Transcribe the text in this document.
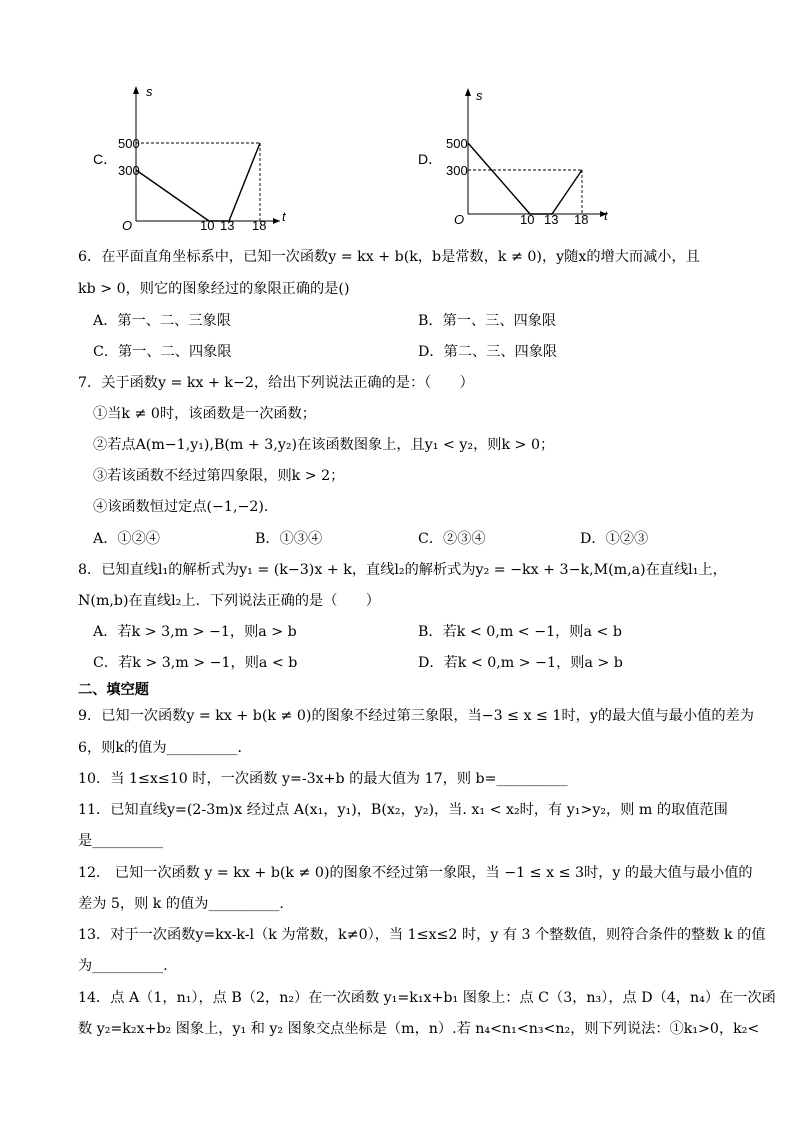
C．
s
t
O
500
300
10 13 18
D．
s
t
O
500
300
10 13 18
6．在平面直角坐标系中，已知一次函数y = kx + b(k，b是常数，k ≠ 0)，y随x的增大而减小，且
kb > 0，则它的图象经过的象限正确的是()
A．第一、二、三象限	B．第一、三、四象限
C．第一、二、四象限	D．第二、三、四象限
7．关于函数y = kx + k−2，给出下列说法正确的是：（　　）
①当k ≠ 0时，该函数是一次函数；
②若点A(m−1,y₁),B(m + 3,y₂)在该函数图象上，且y₁ < y₂，则k > 0；
③若该函数不经过第四象限，则k > 2；
④该函数恒过定点(−1,−2)．
A．①②④	B．①③④	C．②③④	D．①②③
8．已知直线l₁的解析式为y₁ = (k−3)x + k，直线l₂的解析式为y₂ = −kx + 3−k,M(m,a)在直线l₁上，
N(m,b)在直线l₂上．下列说法正确的是（　　）
A．若k > 3,m > −1，则a > b	B．若k < 0,m < −1，则a < b
C．若k > 3,m > −1，则a < b	D．若k < 0,m > −1，则a > b
二、填空题
9．已知一次函数y = kx + b(k ≠ 0)的图象不经过第三象限，当−3 ≤ x ≤ 1时，y的最大值与最小值的差为
6，则k的值为__________．
10．当 1≤x≤10 时，一次函数 y=-3x+b 的最大值为 17，则 b=__________
11．已知直线y=(2-3m)x 经过点 A(x₁，y₁)，B(x₂，y₂)，当. x₁ < x₂时，有 y₁>y₂，则 m 的取值范围
是__________
12． 已知一次函数 y = kx + b(k ≠ 0)的图象不经过第一象限，当 −1 ≤ x ≤ 3时，y 的最大值与最小值的
差为 5，则 k 的值为__________.
13．对于一次函数y=kx-k-l（k 为常数，k≠0），当 1≤x≤2 时，y 有 3 个整数值，则符合条件的整数 k 的值
为__________.
14．点 A（1，n₁），点 B（2，n₂）在一次函数 y₁=k₁x+b₁ 图象上：点 C（3，n₃），点 D（4，n₄）在一次函
数 y₂=k₂x+b₂ 图象上，y₁ 和 y₂ 图象交点坐标是（m，n）.若 n₄<n₁<n₃<n₂，则下列说法：①k₁>0，k₂<
